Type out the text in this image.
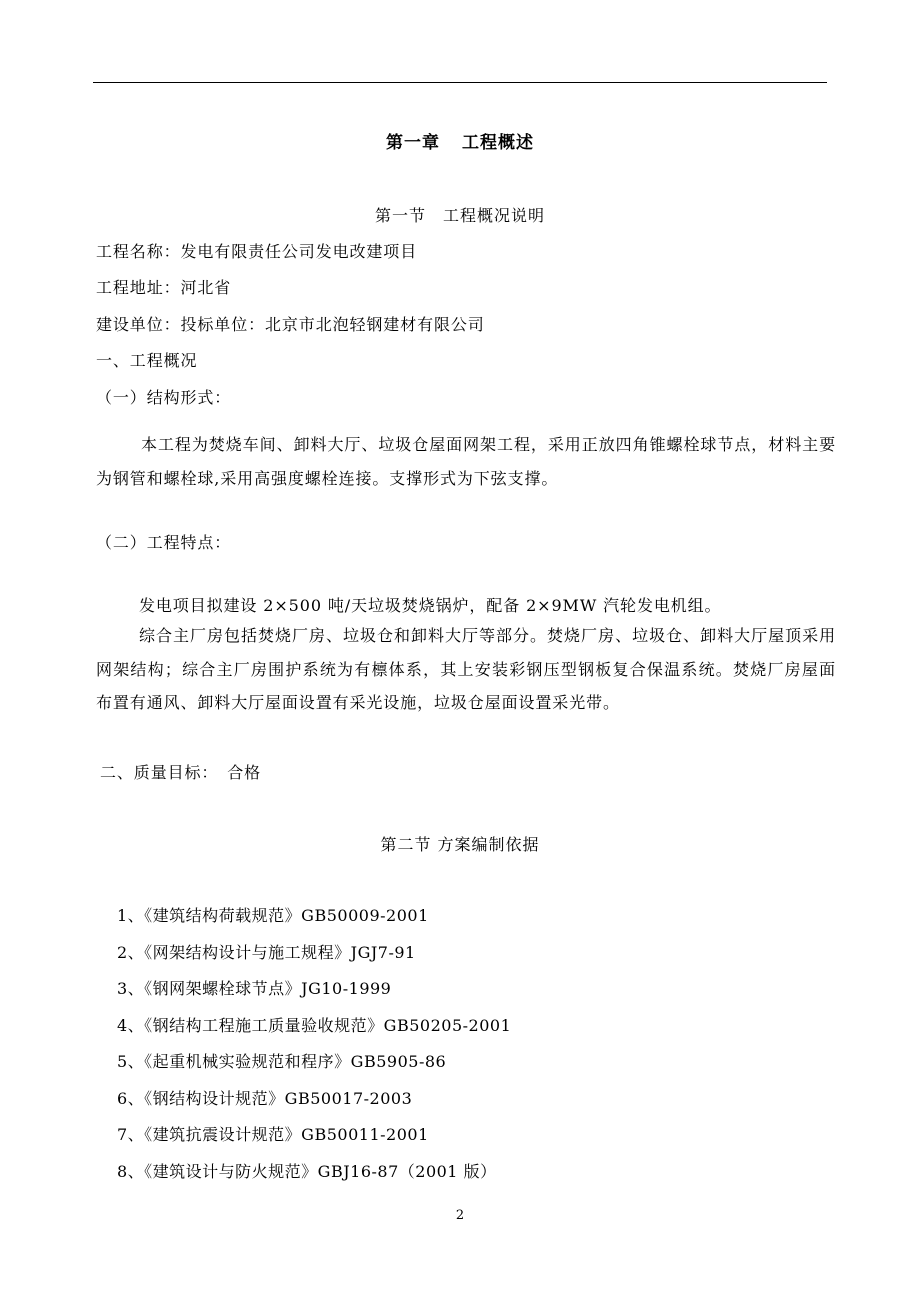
第一章 工程概述
第一节　工程概况说明
工程名称：发电有限责任公司发电改建项目
工程地址：河北省
建设单位：投标单位：北京市北泡轻钢建材有限公司
一、工程概况
（一）结构形式：
本工程为焚烧车间、卸料大厅、垃圾仓屋面网架工程，采用正放四角锥螺栓球节点，材料主要为钢管和螺栓球,采用高强度螺栓连接。支撑形式为下弦支撑。
（二）工程特点：
发电项目拟建设 2×500 吨/天垃圾焚烧锅炉，配备 2×9MW 汽轮发电机组。
综合主厂房包括焚烧厂房、垃圾仓和卸料大厅等部分。焚烧厂房、垃圾仓、卸料大厅屋顶采用网架结构；综合主厂房围护系统为有檩体系，其上安装彩钢压型钢板复合保温系统。焚烧厂房屋面布置有通风、卸料大厅屋面设置有采光设施，垃圾仓屋面设置采光带。
二、质量目标：　合格
第二节 方案编制依据
1、《建筑结构荷载规范》GB50009-2001
2、《网架结构设计与施工规程》JGJ7-91
3、《钢网架螺栓球节点》JG10-1999
4、《钢结构工程施工质量验收规范》GB50205-2001
5、《起重机械实验规范和程序》GB5905-86
6、《钢结构设计规范》GB50017-2003
7、《建筑抗震设计规范》GB50011-2001
8、《建筑设计与防火规范》GBJ16-87（2001 版）
2
